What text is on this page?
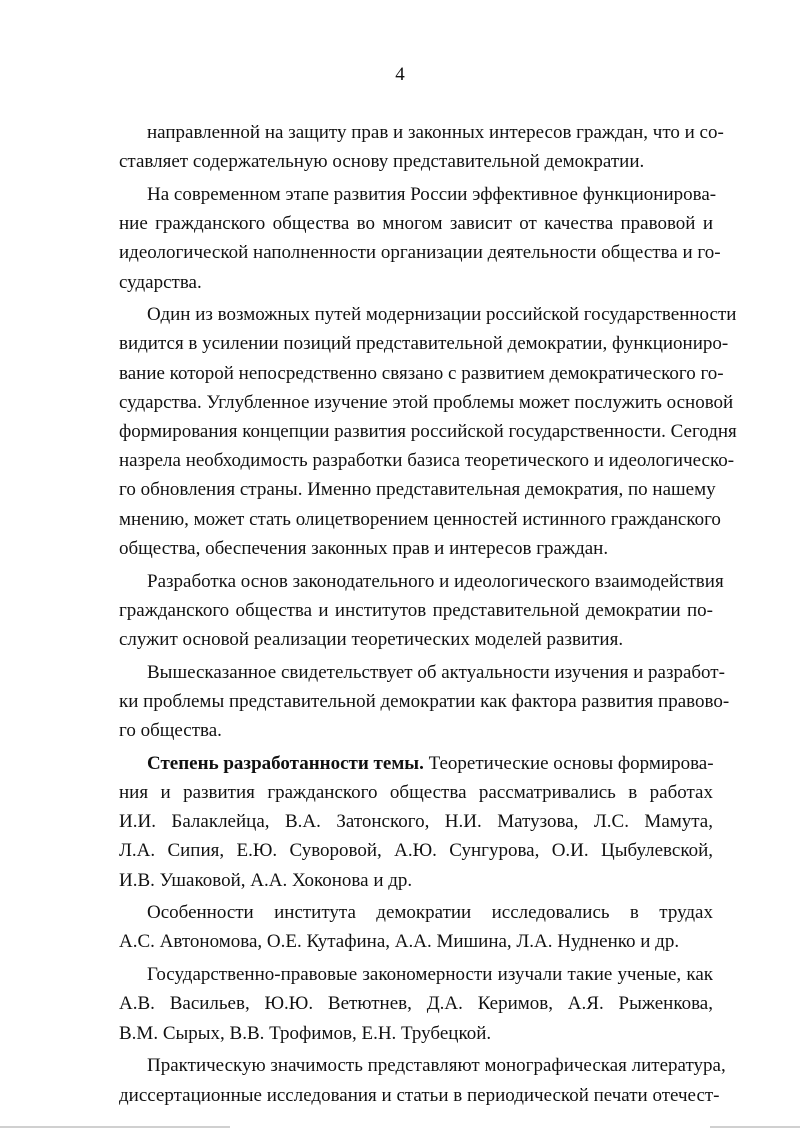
4
направленной на защиту прав и законных интересов граждан, что и со-
ставляет содержательную основу представительной демократии.
На современном этапе развития России эффективное функционирова-
ние гражданского общества во многом зависит от качества правовой и
идеологической наполненности организации деятельности общества и го-
сударства.
Один из возможных путей модернизации российской государственности
видится в усилении позиций представительной демократии, функциониро-
вание которой непосредственно связано с развитием демократического го-
сударства. Углубленное изучение этой проблемы может послужить основой
формирования концепции развития российской государственности. Сегодня
назрела необходимость разработки базиса теоретического и идеологическо-
го обновления страны. Именно представительная демократия, по нашему
мнению, может стать олицетворением ценностей истинного гражданского
общества, обеспечения законных прав и интересов граждан.
Разработка основ законодательного и идеологического взаимодействия
гражданского общества и институтов представительной демократии по-
служит основой реализации теоретических моделей развития.
Вышесказанное свидетельствует об актуальности изучения и разработ-
ки проблемы представительной демократии как фактора развития правово-
го общества.
Степень разработанности темы. Теоретические основы формирова-
ния и развития гражданского общества рассматривались в работах
И.И. Балаклейца, В.А. Затонского, Н.И. Матузова, Л.С. Мамута,
Л.А. Сипия, Е.Ю. Суворовой, А.Ю. Сунгурова, О.И. Цыбулевской,
И.В. Ушаковой, А.А. Хоконова и др.
Особенности института демократии исследовались в трудах
А.С. Автономова, О.Е. Кутафина, А.А. Мишина, Л.А. Нудненко и др.
Государственно-правовые закономерности изучали такие ученые, как
А.В. Васильев, Ю.Ю. Ветютнев, Д.А. Керимов, А.Я. Рыженкова,
В.М. Сырых, В.В. Трофимов, Е.Н. Трубецкой.
Практическую значимость представляют монографическая литература,
диссертационные исследования и статьи в периодической печати отечест-
